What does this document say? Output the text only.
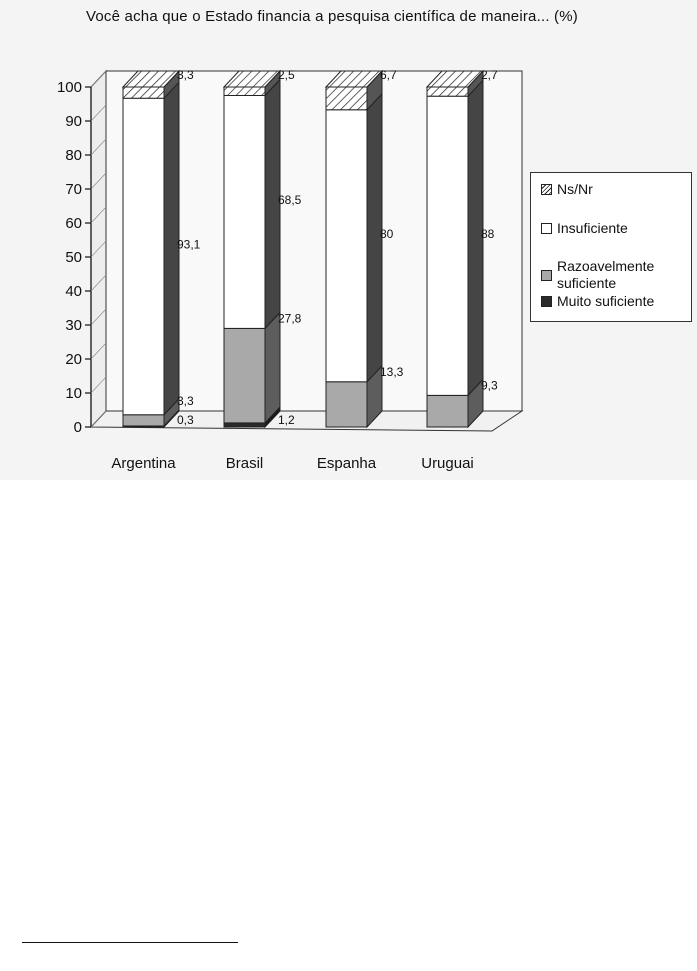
Você acha que o Estado financia a pesquisa científica de maneira... (%)
0
10
20
30
40
50
60
70
80
90
100
Argentina
3,3
93,1
3,3
0,3
Brasil
2,5
68,5
27,8
1,2
Espanha
6,7
80
13,3
Uruguai
2,7
88
9,3
Ns/Nr
Insuficiente
Razoavelmente
suficiente
Muito suficiente
